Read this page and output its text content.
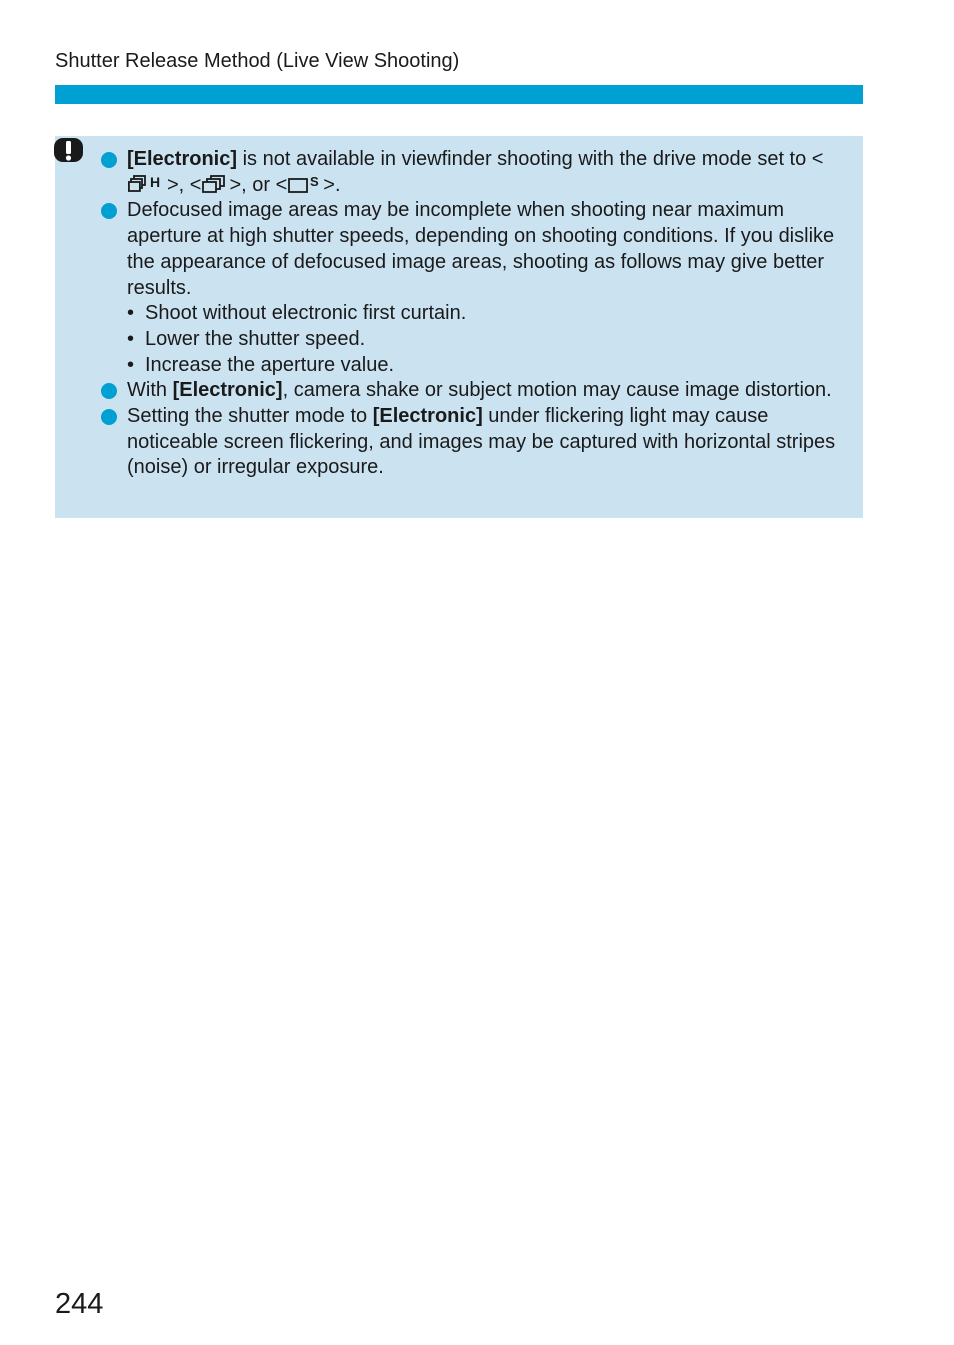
Shutter Release Method (Live View Shooting)
[Electronic] is not available in viewfinder shooting with the drive mode set to <
H >, < >, or < S >.
Defocused image areas may be incomplete when shooting near maximum aperture at high shutter speeds, depending on shooting conditions. If you dislike the appearance of defocused image areas, shooting as follows may give better results.
• Shoot without electronic first curtain.
• Lower the shutter speed.
• Increase the aperture value.
With [Electronic], camera shake or subject motion may cause image distortion.
Setting the shutter mode to [Electronic] under flickering light may cause noticeable screen flickering, and images may be captured with horizontal stripes (noise) or irregular exposure.
244
